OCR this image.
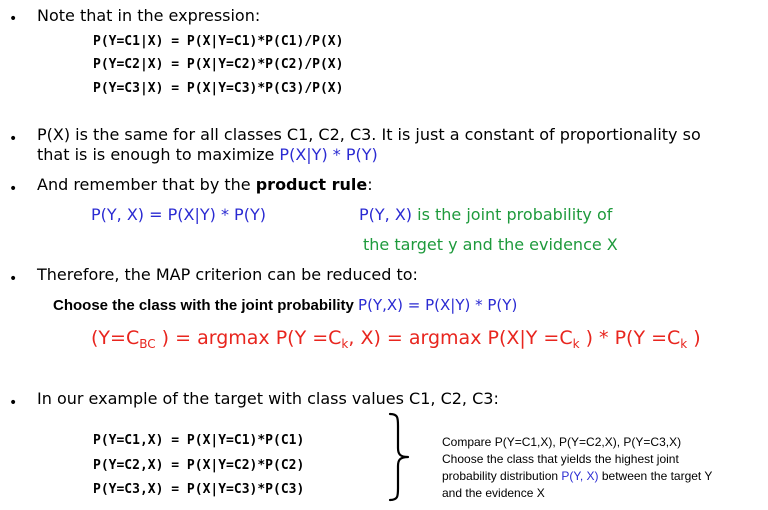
• Note that in the expression:
P(Y=C1|X) = P(X|Y=C1)*P(C1)/P(X)
P(Y=C2|X) = P(X|Y=C2)*P(C2)/P(X)
P(Y=C3|X) = P(X|Y=C3)*P(C3)/P(X)
• P(X) is the same for all classes C1, C2, C3. It is just a constant of proportionality so
that is is enough to maximize P(X|Y) * P(Y)
• And remember that by the product rule:
P(Y, X) = P(X|Y) * P(Y)	P(Y, X) is the joint probability of
the target y and the evidence X
• Therefore, the MAP criterion can be reduced to:
Choose the class with the joint probability P(Y,X) = P(X|Y) * P(Y)
($Y=C_{BC}$ ) = argmax $P(Y =C_k$, X) = argmax $P(X|Y =C_k$ ) * $P(Y =C_k$ )
• In our example of the target with class values C1, C2, C3:
P(Y=C1,X) = P(X|Y=C1)*P(C1)
P(Y=C2,X) = P(X|Y=C2)*P(C2)
P(Y=C3,X) = P(X|Y=C3)*P(C3)
Compare P(Y=C1,X), P(Y=C2,X), P(Y=C3,X)
Choose the class that yields the highest joint
probability distribution P(Y, X) between the target Y
and the evidence X
